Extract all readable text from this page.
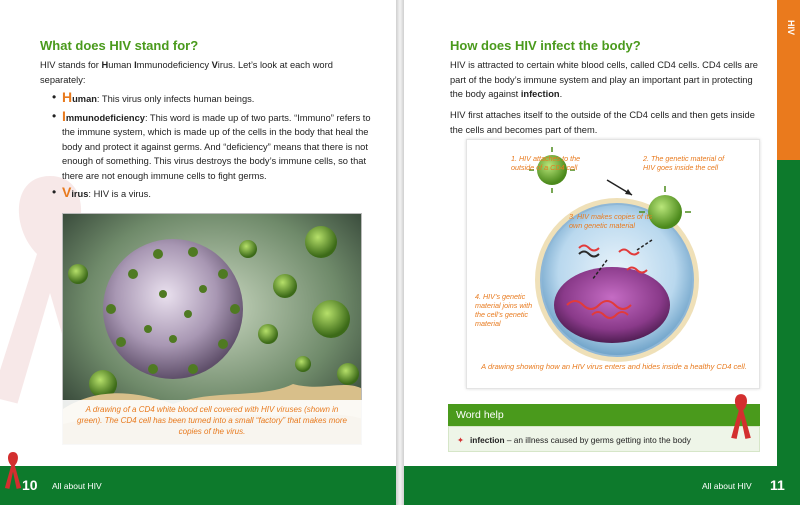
What does HIV stand for?

HIV stands for Human Immunodeficiency Virus. Let’s look at each word separately:

• Human: This virus only infects human beings.
• Immunodeficiency: This word is made up of two parts. “Immuno” refers to the immune system, which is made up of the cells in the body that heal the body and protect it against germs. And “deficiency” means that there is not enough of something. This virus destroys the body’s immune cells, so that there are not enough immune cells to fight germs.
• Virus: HIV is a virus.
A drawing of a CD4 white blood cell covered with HIV viruses (shown in green). The CD4 cell has been turned into a small “factory” that makes more copies of the virus.
10 All about HIV
How does HIV infect the body?

HIV is attracted to certain white blood cells, called CD4 cells. CD4 cells are part of the body’s immune system and play an important part in protecting the body against infection.

HIV first attaches itself to the outside of the CD4 cells and then gets inside the cells and becomes part of them.

1. HIV attaches to the outside of a CD4 cell
2. The genetic material of HIV goes inside the cell
3. HIV makes copies of its own genetic material
4. HIV’s genetic material joins with the cell’s genetic material
A drawing showing how an HIV virus enters and hides inside a healthy CD4 cell.
Word help
✦ infection – an illness caused by germs getting into the body
HIV
All about HIV 11
